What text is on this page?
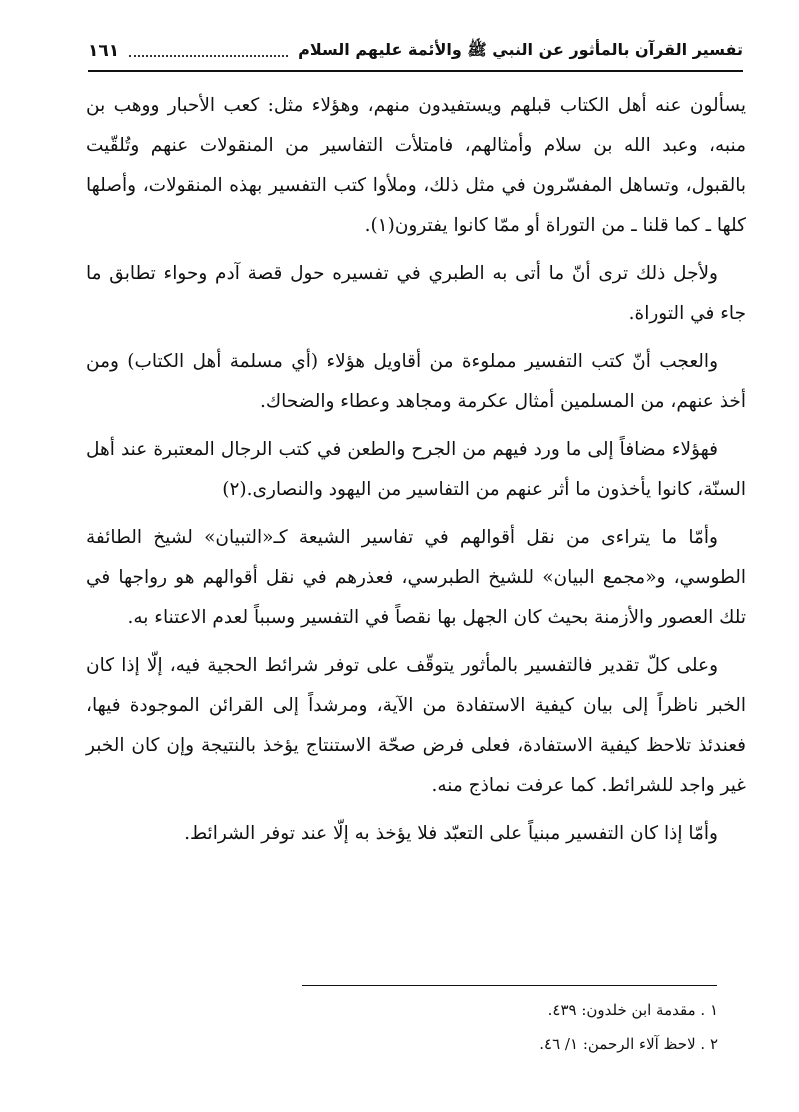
تفسير القرآن بالمأثور عن النبي ﷺ والأئمة عليهم السلام
١٦١

يسألون عنه أهل الكتاب قبلهم ويستفيدون منهم، وهؤلاء مثل: كعب الأحبار ووهب بن منبه، وعبد الله بن سلام وأمثالهم، فامتلأت التفاسير من المنقولات عنهم وتُلقّيت بالقبول، وتساهل المفسّرون في مثل ذلك، وملأوا كتب التفسير بهذه المنقولات، وأصلها كلها ـ كما قلنا ـ من التوراة أو ممّا كانوا يفترون(١).

ولأجل ذلك ترى أنّ ما أتى به الطبري في تفسيره حول قصة آدم وحواء تطابق ما جاء في التوراة.

والعجب أنّ كتب التفسير مملوءة من أقاويل هؤلاء (أي مسلمة أهل الكتاب) ومن أخذ عنهم، من المسلمين أمثال عكرمة ومجاهد وعطاء والضحاك.

فهؤلاء مضافاً إلى ما ورد فيهم من الجرح والطعن في كتب الرجال المعتبرة عند أهل السنّة، كانوا يأخذون ما أثر عنهم من التفاسير من اليهود والنصارى.(٢)

وأمّا ما يتراءى من نقل أقوالهم في تفاسير الشيعة كـ«التبيان» لشيخ الطائفة الطوسي، و«مجمع البيان» للشيخ الطبرسي، فعذرهم في نقل أقوالهم هو رواجها في تلك العصور والأزمنة بحيث كان الجهل بها نقصاً في التفسير وسبباً لعدم الاعتناء به.

وعلى كلّ تقدير فالتفسير بالمأثور يتوقّف على توفر شرائط الحجية فيه، إلّا إذا كان الخبر ناظراً إلى بيان كيفية الاستفادة من الآية، ومرشداً إلى القرائن الموجودة فيها، فعندئذ تلاحظ كيفية الاستفادة، فعلى فرض صحّة الاستنتاج يؤخذ بالنتيجة وإن كان الخبر غير واجد للشرائط. كما عرفت نماذج منه.

وأمّا إذا كان التفسير مبنياً على التعبّد فلا يؤخذ به إلّا عند توفر الشرائط.

١ . مقدمة ابن خلدون: ٤٣٩.

٢ . لاحظ آلاء الرحمن: ١/ ٤٦.
